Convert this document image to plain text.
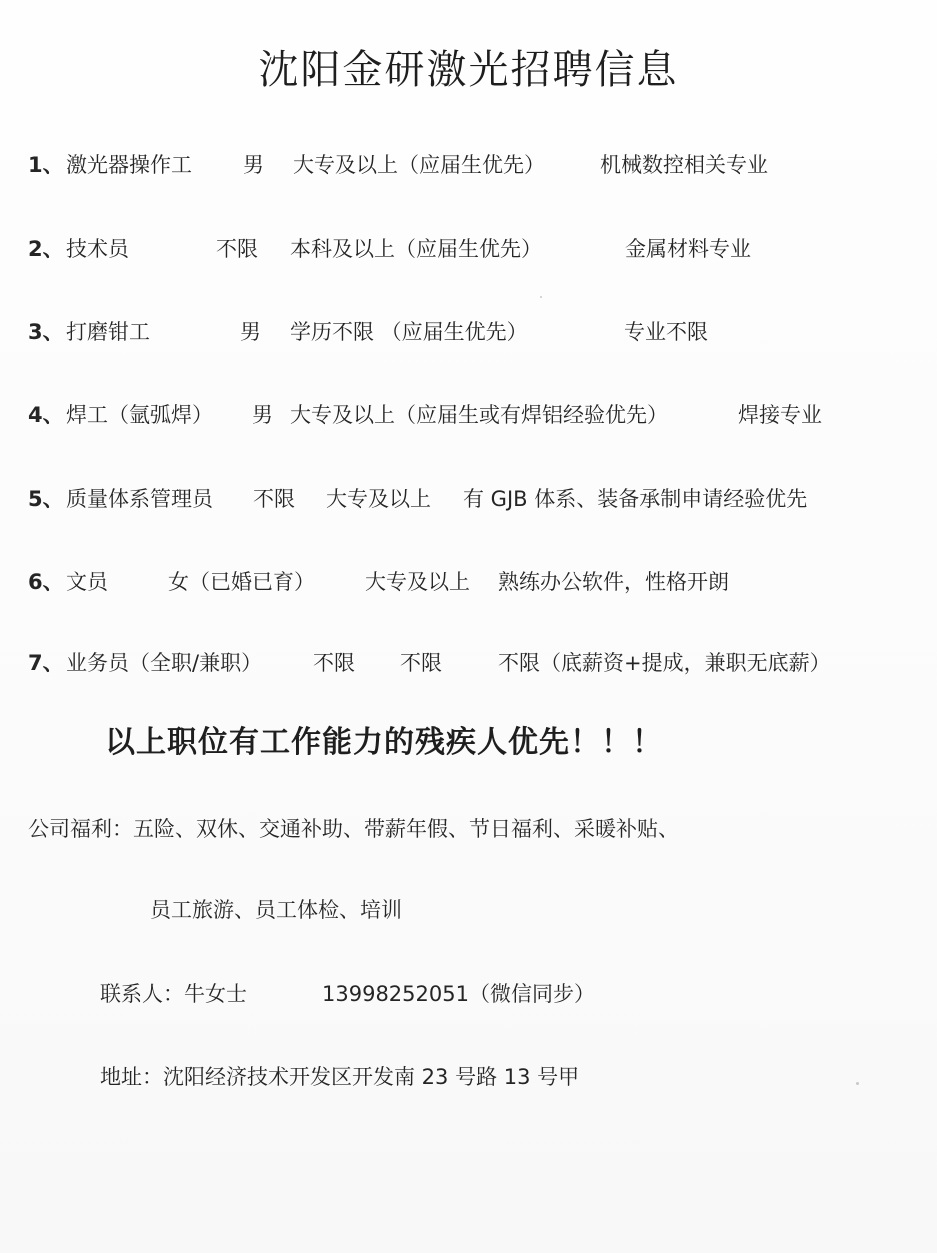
沈阳金研激光招聘信息
1、 激光器操作工 男 大专及以上（应届生优先）	机械数控相关专业
2、 技术员	不限 本科及以上（应届生优先）	金属材料专业
3、 打磨钳工	男 学历不限 （应届生优先）	专业不限
4、 焊工（氩弧焊） 男 大专及以上（应届生或有焊铝经验优先）	焊接专业
5、 质量体系管理员 不限 大专及以上 有 GJB 体系、装备承制申请经验优先
6、 文员	女（已婚已育） 大专及以上 熟练办公软件，性格开朗
7、 业务员（全职/兼职） 不限 不限	不限（底薪资+提成，兼职无底薪）
以上职位有工作能力的残疾人优先！！！
公司福利：五险、双休、交通补助、带薪年假、节日福利、采暖补贴、
员工旅游、员工体检、培训
联系人：牛女士	13998252051（微信同步）
地址：沈阳经济技术开发区开发南 23 号路 13 号甲
